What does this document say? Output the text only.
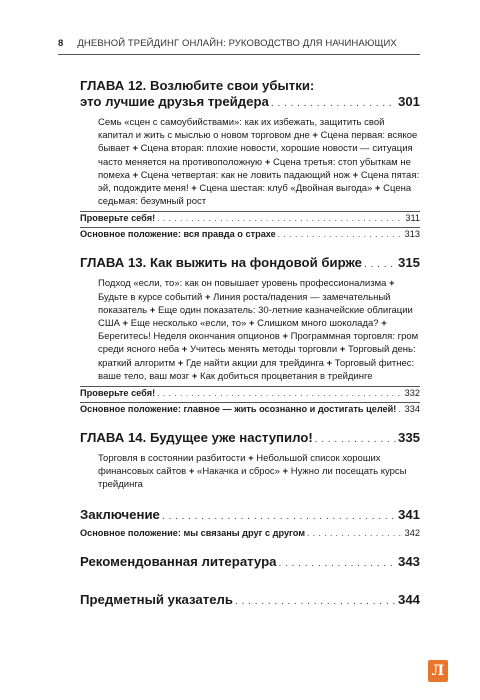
8 ДНЕВНОЙ ТРЕЙДИНГ ОНЛАЙН: РУКОВОДСТВО ДЛЯ НАЧИНАЮЩИХ
ГЛАВА 12. Возлюбите свои убытки:
это лучшие друзья трейдера . . .	301
Семь «сцен с самоубийствами»: как их избежать, защитить свой капитал и жить с мыслью о новом торговом дне + Сцена первая: всякое бывает + Сцена вторая: плохие новости, хорошие новости — ситуация часто меняется на противоположную + Сцена третья: стоп убыткам не помеха + Сцена четвертая: как не ловить падающий нож + Сцена пятая: эй, подождите меня! + Сцена шестая: клуб «Двойная выгода» + Сцена седьмая: безумный рост
Проверьте себя! . . .	311
Основное положение: вся правда о страхе . . .	313
ГЛАВА 13. Как выжить на фондовой бирже . . .	315
Подход «если, то»: как он повышает уровень профессионализма + Будьте в курсе событий + Линия роста/падения — замечательный показатель + Еще один показатель: 30-летние казначейские облигации США + Еще несколько «если, то» + Слишком много шоколада? + Берегитесь! Неделя окончания опционов + Программная торговля: гром среди ясного неба + Учитесь менять методы торговли + Торговый день: краткий алгоритм + Где найти акции для трейдинга + Торговый фитнес: ваше тело, ваш мозг + Как добиться процветания в трейдинге
Проверьте себя! . . .	332
Основное положение: главное — жить осознанно и достигать целей! . . . 334
ГЛАВА 14. Будущее уже наступило! . . .	335
Торговля в состоянии разбитости + Небольшой список хороших финансовых сайтов + «Накачка и сброс» + Нужно ли посещать курсы трейдинга
Заключение . . .	341
Основное положение: мы связаны друг с другом . . .	342
Рекомендованная литература . . .	343
Предметный указатель . . .	344
Л
